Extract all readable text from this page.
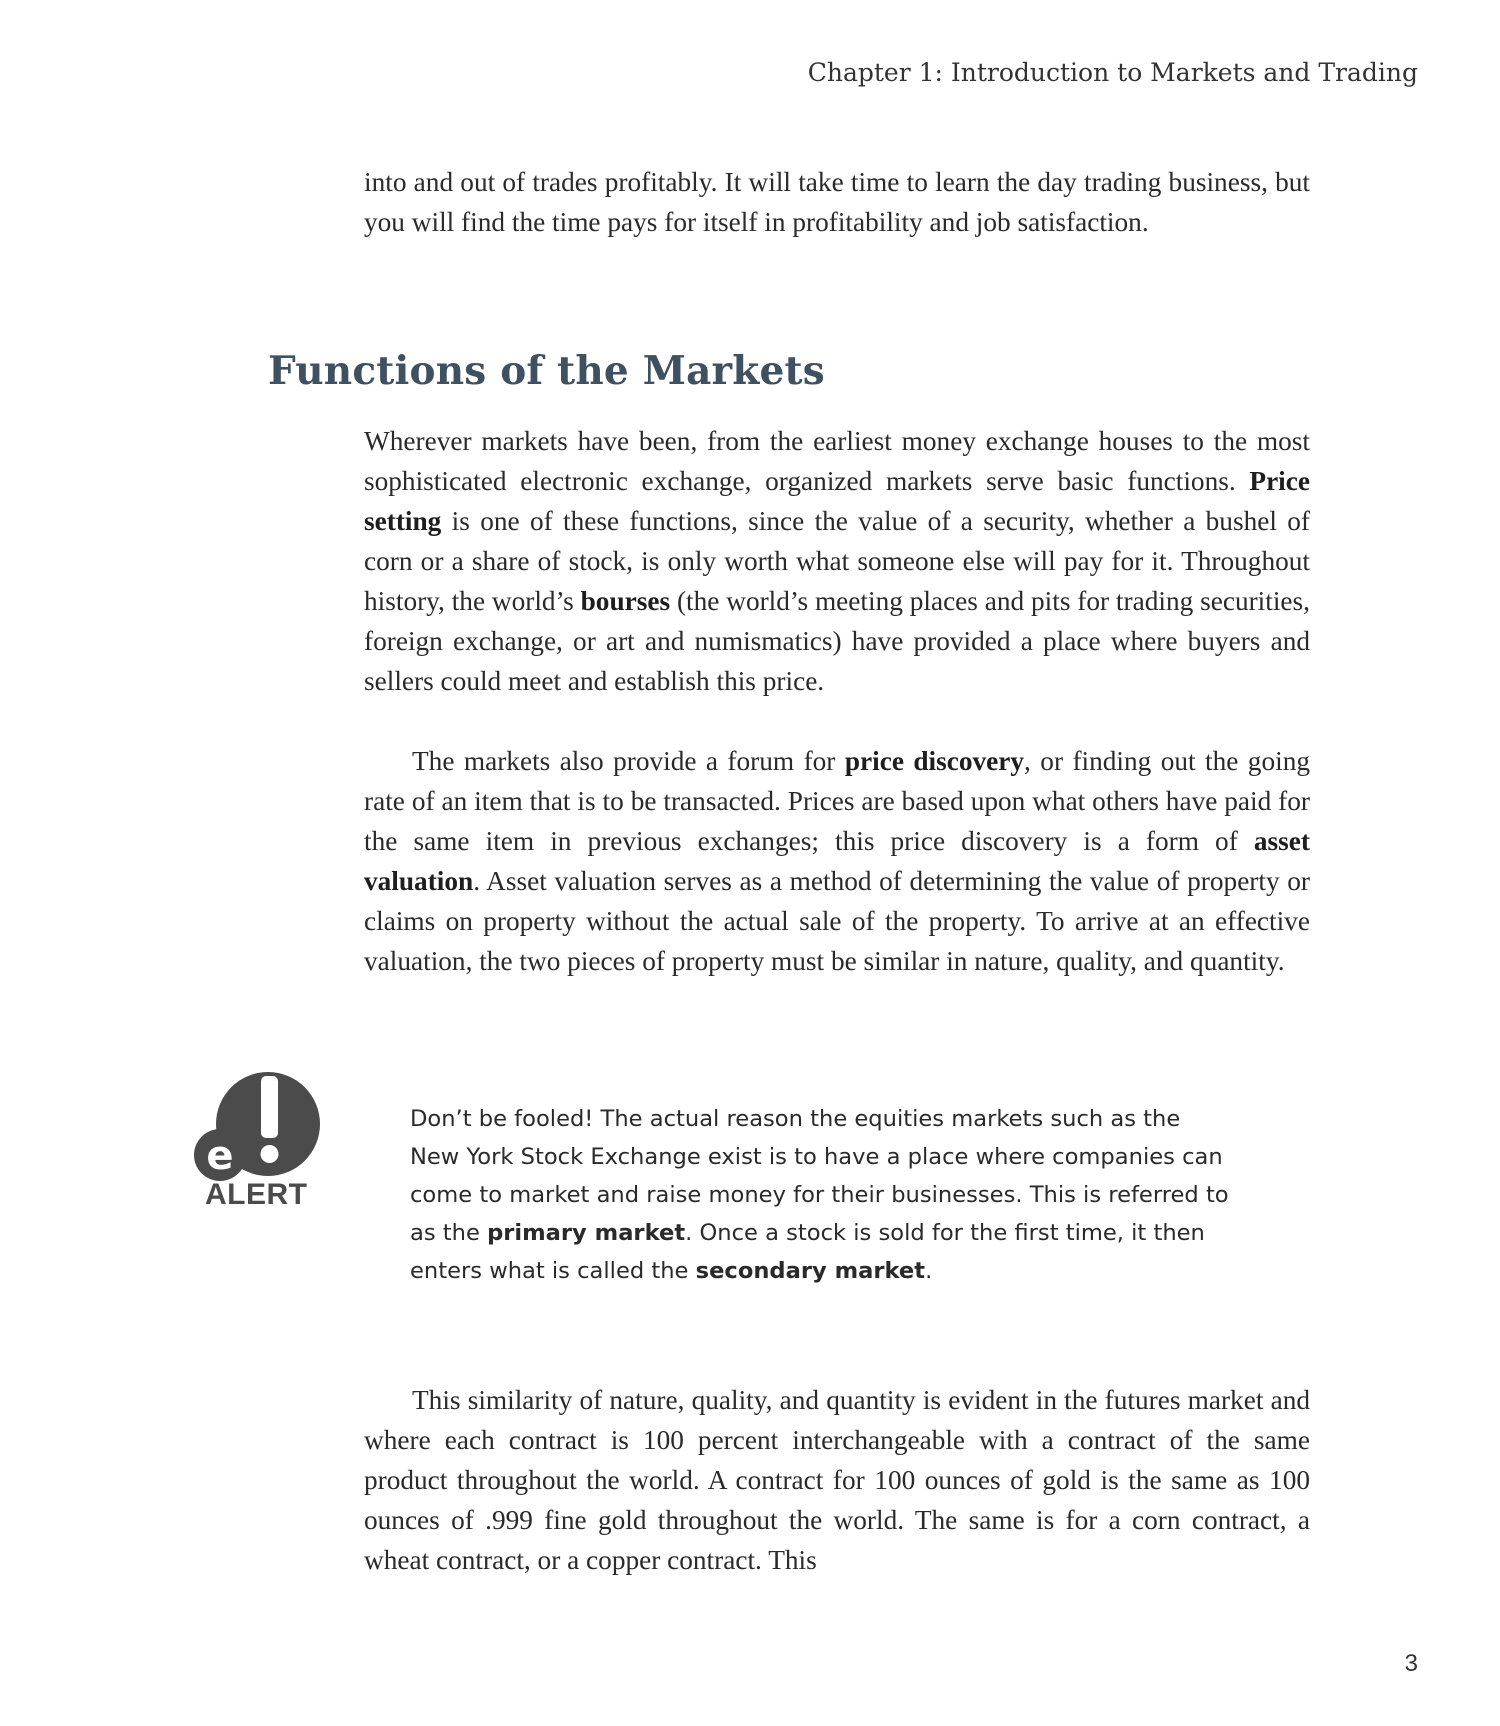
Chapter 1: Introduction to Markets and Trading

into and out of trades profitably. It will take time to learn the day trading business, but you will find the time pays for itself in profitability and job satisfaction.

Functions of the Markets

Wherever markets have been, from the earliest money exchange houses to the most sophisticated electronic exchange, organized markets serve basic functions. Price setting is one of these functions, since the value of a security, whether a bushel of corn or a share of stock, is only worth what someone else will pay for it. Throughout history, the world’s bourses (the world’s meeting places and pits for trading securities, foreign exchange, or art and numismatics) have provided a place where buyers and sellers could meet and establish this price.

The markets also provide a forum for price discovery, or finding out the going rate of an item that is to be transacted. Prices are based upon what others have paid for the same item in previous exchanges; this price discovery is a form of asset valuation. Asset valuation serves as a method of determining the value of property or claims on property without the actual sale of the property. To arrive at an effective valuation, the two pieces of property must be similar in nature, quality, and quantity.

e
ALERT

Don’t be fooled! The actual reason the equities markets such as the New York Stock Exchange exist is to have a place where companies can come to market and raise money for their businesses. This is referred to as the primary market. Once a stock is sold for the first time, it then enters what is called the secondary market.

This similarity of nature, quality, and quantity is evident in the futures market and where each contract is 100 percent interchangeable with a contract of the same product throughout the world. A contract for 100 ounces of gold is the same as 100 ounces of .999 fine gold throughout the world. The same is for a corn contract, a wheat contract, or a copper contract. This

3
